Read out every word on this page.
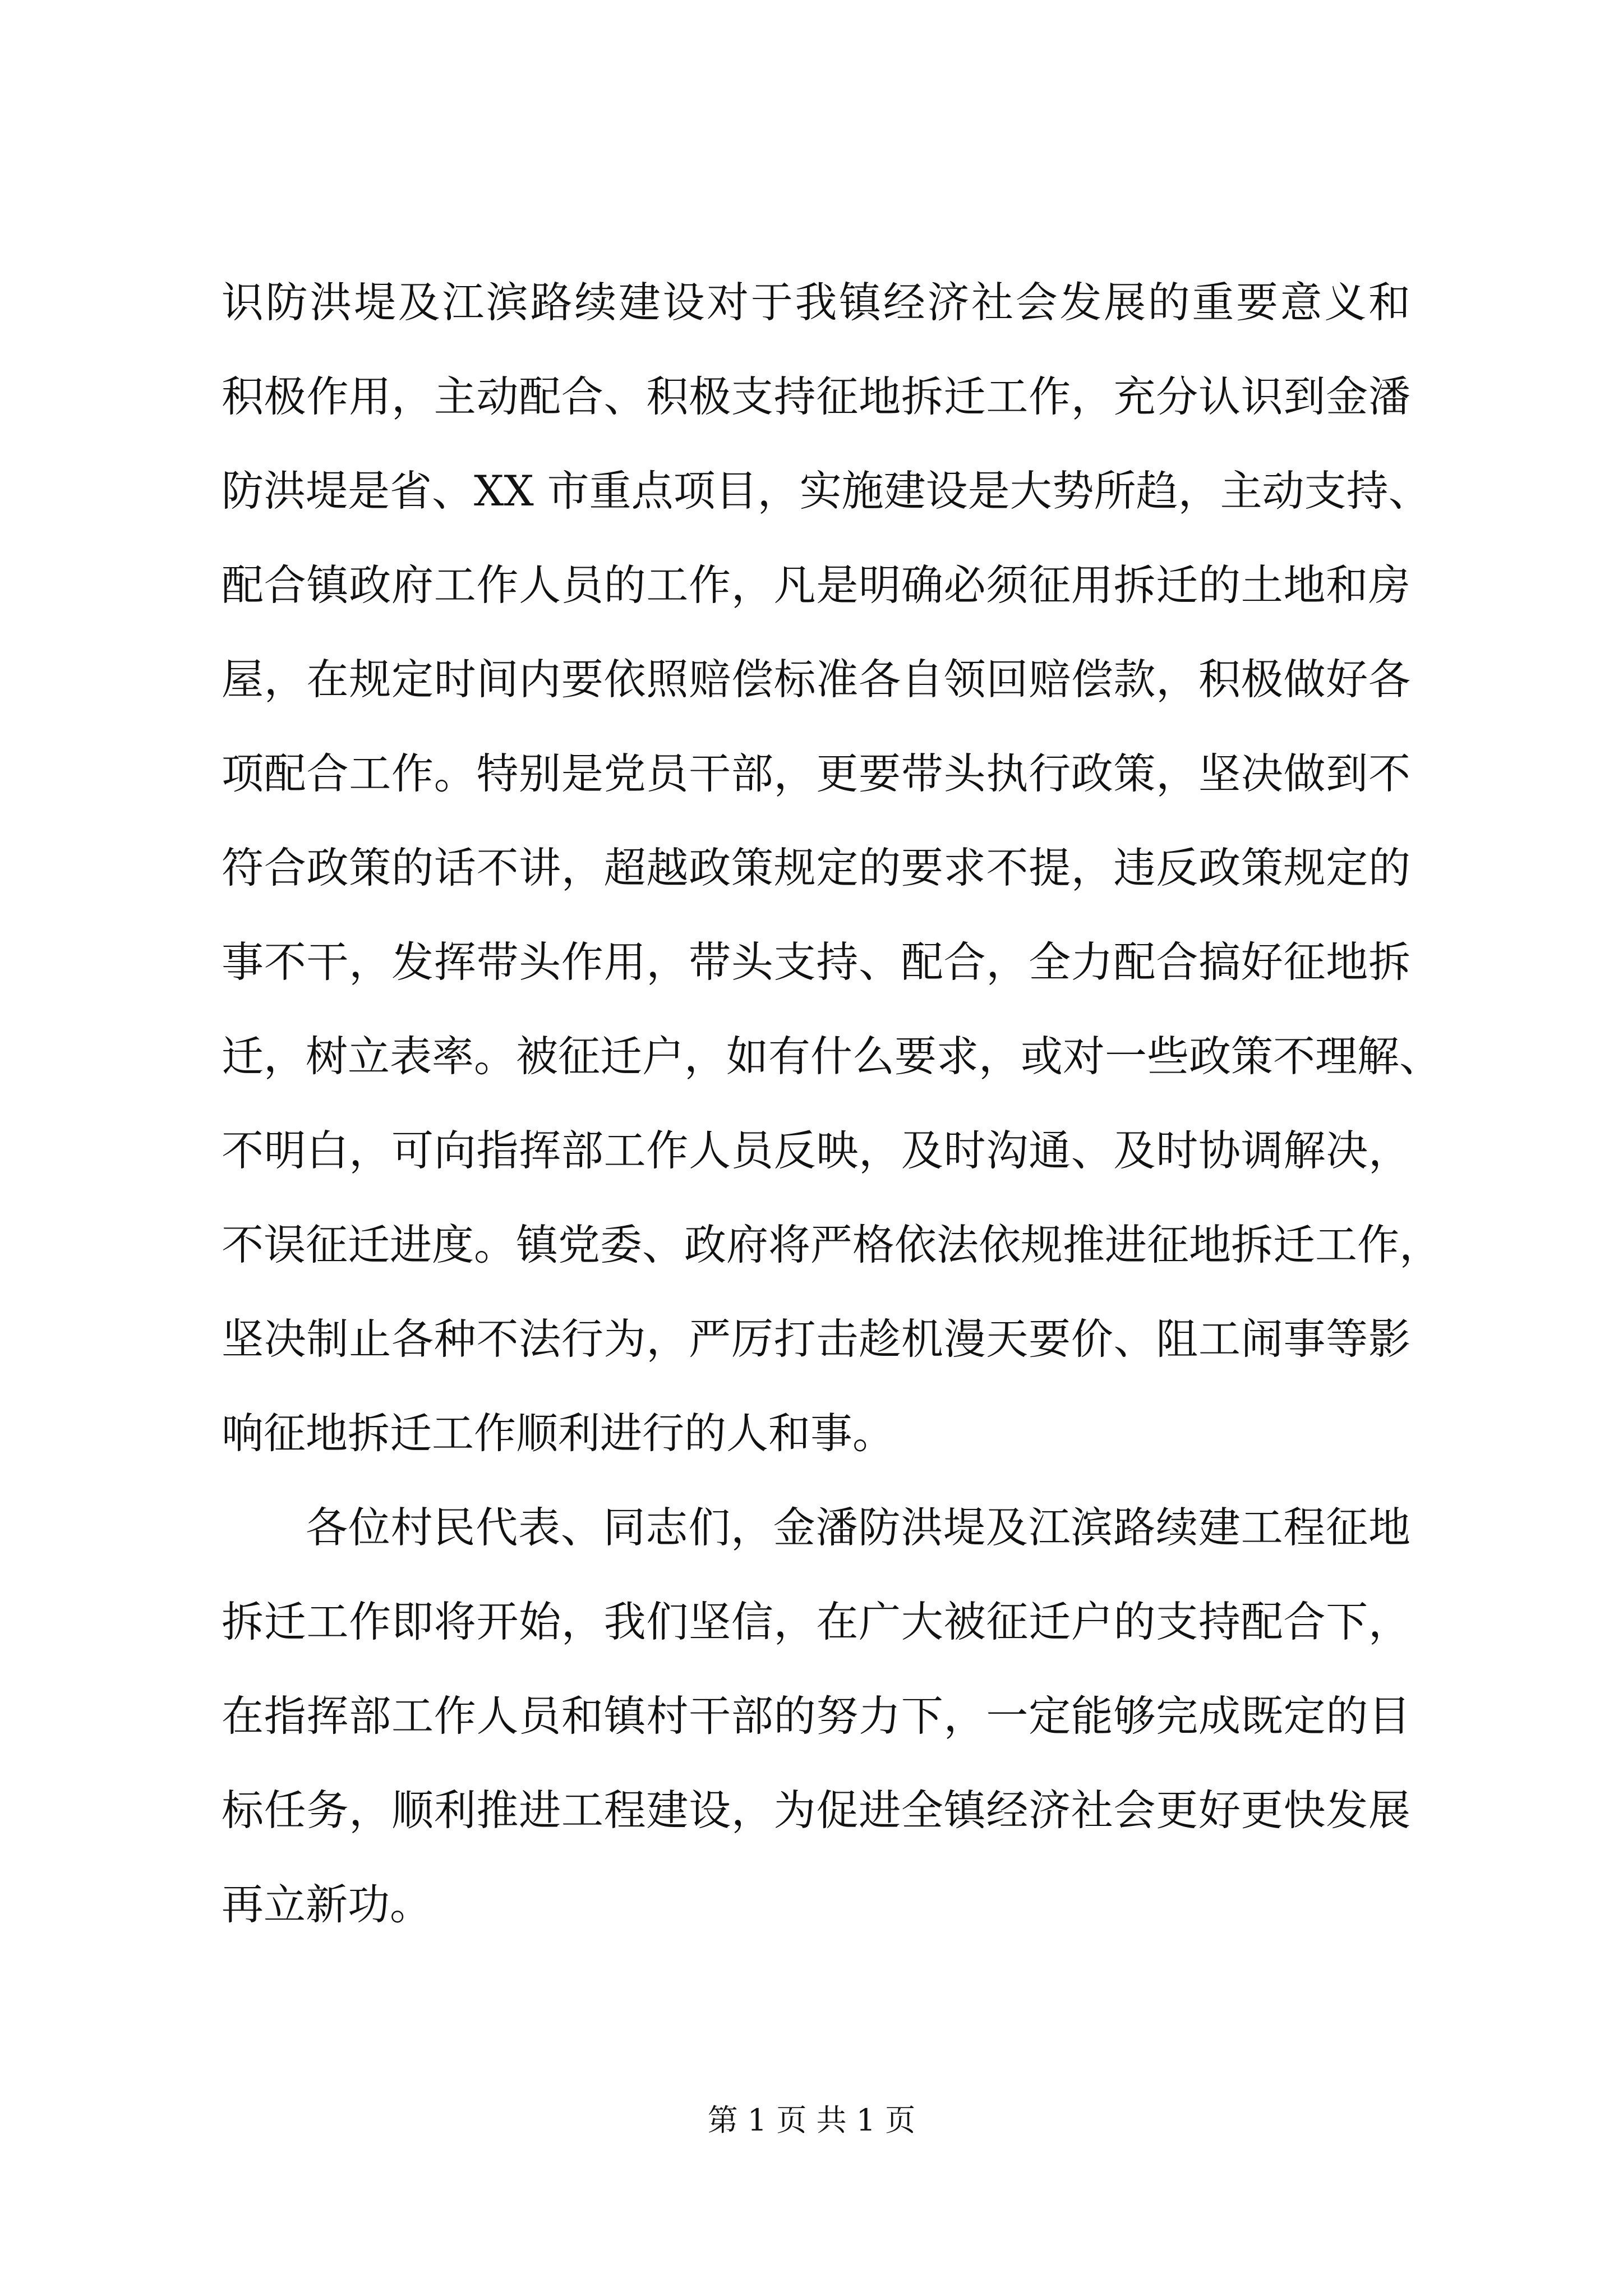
识防洪堤及江滨路续建设对于我镇经济社会发展的重要意义和
积极作用，主动配合、积极支持征地拆迁工作，充分认识到金潘
防洪堤是省、XX 市重点项目，实施建设是大势所趋，主动支持、
配合镇政府工作人员的工作，凡是明确必须征用拆迁的土地和房
屋，在规定时间内要依照赔偿标准各自领回赔偿款，积极做好各
项配合工作。特别是党员干部，更要带头执行政策，坚决做到不
符合政策的话不讲，超越政策规定的要求不提，违反政策规定的
事不干，发挥带头作用，带头支持、配合，全力配合搞好征地拆
迁，树立表率。被征迁户，如有什么要求，或对一些政策不理解、
不明白，可向指挥部工作人员反映，及时沟通、及时协调解决，
不误征迁进度。镇党委、政府将严格依法依规推进征地拆迁工作，
坚决制止各种不法行为，严厉打击趁机漫天要价、阻工闹事等影
响征地拆迁工作顺利进行的人和事。
各位村民代表、同志们，金潘防洪堤及江滨路续建工程征地
拆迁工作即将开始，我们坚信，在广大被征迁户的支持配合下，
在指挥部工作人员和镇村干部的努力下，一定能够完成既定的目
标任务，顺利推进工程建设，为促进全镇经济社会更好更快发展
再立新功。
第 1 页 共 1 页
